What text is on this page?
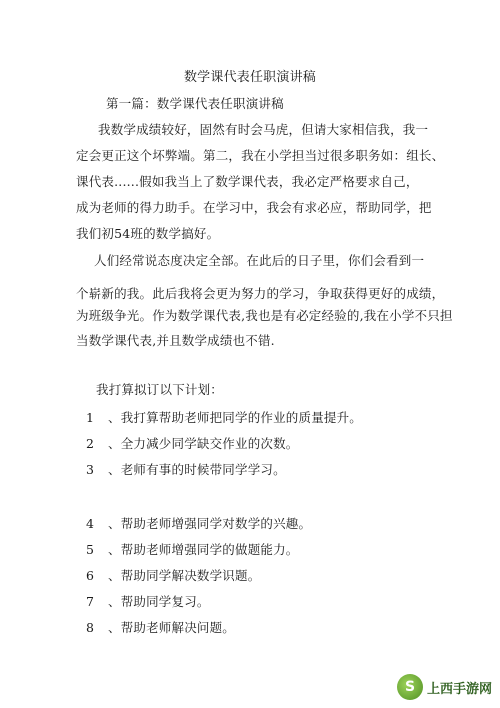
数学课代表任职演讲稿
第一篇：数学课代表任职演讲稿
我数学成绩较好，固然有时会马虎，但请大家相信我，我一
定会更正这个坏弊端。第二，我在小学担当过很多职务如：组长、
课代表......假如我当上了数学课代表，我必定严格要求自己，
成为老师的得力助手。在学习中，我会有求必应，帮助同学，把
我们初54班的数学搞好。
人们经常说态度决定全部。在此后的日子里，你们会看到一
个崭新的我。此后我将会更为努力的学习，争取获得更好的成绩，
为班级争光。作为数学课代表,我也是有必定经验的,我在小学不只担
当数学课代表,并且数学成绩也不错.
我打算拟订以下计划：
1 、我打算帮助老师把同学的作业的质量提升。
2 、全力减少同学缺交作业的次数。
3 、老师有事的时候带同学学习。
4 、帮助老师增强同学对数学的兴趣。
5 、帮助老师增强同学的做题能力。
6 、帮助同学解决数学识题。
7 、帮助同学复习。
8 、帮助老师解决问题。
S 上西手游网
